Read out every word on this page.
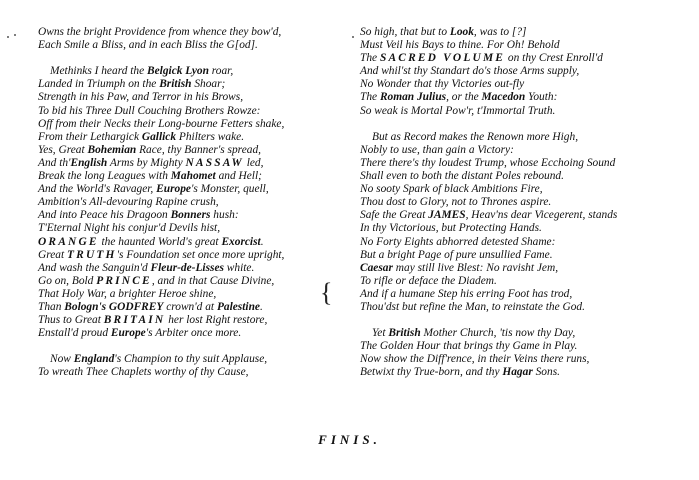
Owns the bright Providence from whence they bow'd,
Each Smile a Bliss, and in each Bliss the G[od].
Methinks I heard the Belgick Lyon roar,
Landed in Triumph on the British Shoar;
Strength in his Paw, and Terror in his Brows,
To bid his Three Dull Couching Brothers Rowze:
Off from their Necks their Long-bourne Fetters shake,
From their Lethargick Gallick Philters wake.
Yes, Great Bohemian Race, thy Banner's spread,
And th'English Arms by Mighty NASSAW led,
Break the long Leagues with Mahomet and Hell;
And the World's Ravager, Europe's Monster, quell,
Ambition's All-devouring Rapine crush,
And into Peace his Dragoon Bonners hush:
T'Eternal Night his conjur'd Devils hist,
ORANGE the haunted World's great Exorcist.
Great TRUTH's Foundation set once more upright,
And wash the Sanguin'd Fleur-de-Lisses white.
Go on, Bold PRINCE, and in that Cause Divine,
That Holy War, a brighter Heroe shine,
Than Bologn's GODFREY crown'd at Palestine.
Thus to Great BRITAIN her lost Right restore,
Enstall'd proud Europe's Arbiter once more.
Now England's Champion to thy suit Applause,
To wreath Thee Chaplets worthy of thy Cause,
So high, that but to Look, was to [?]
Must Veil his Bays to thine. For Oh! Behold
The SACRED VOLUME on thy Crest Enroll'd
And whil'st thy Standart do's those Arms supply,
No Wonder that thy Victories out-fly
The Roman Julius, or the Macedon Youth:
So weak is Mortal Pow'r, t'Immortal Truth.
But as Record makes the Renown more High,
Nobly to use, than gain a Victory:
There there's thy loudest Trump, whose Ecchoing Sound
Shall even to both the distant Poles rebound.
No sooty Spark of black Ambitions Fire,
Thou dost to Glory, not to Thrones aspire.
Safe the Great JAMES, Heav'ns dear Vicegerent, stands
In thy Victorious, but Protecting Hands.
No Forty Eights abhorred detested Shame:
But a bright Page of pure unsullied Fame.
Caesar may still live Blest: No ravisht Jem,
To rifle or deface the Diadem.
And if a humane Step his erring Foot has trod,
Thou'dst but refine the Man, to reinstate the God.
Yet British Mother Church, 'tis now thy Day,
The Golden Hour that brings thy Game in Play.
Now show the Diff'rence, in their Veins there runs,
Betwixt thy True-born, and thy Hagar Sons.
{
FINIS.
